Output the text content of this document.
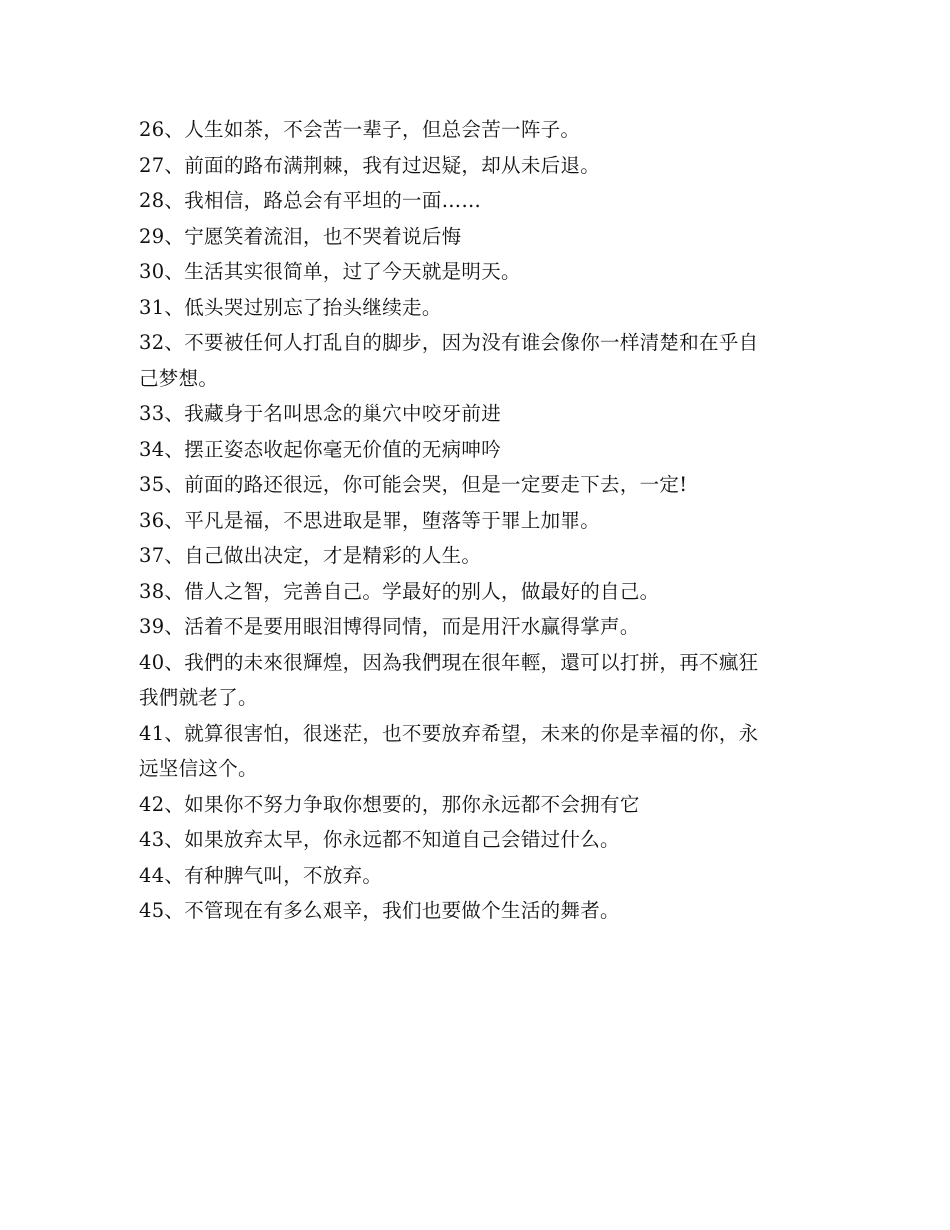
26、人生如茶，不会苦一辈子，但总会苦一阵子。
27、前面的路布满荆棘，我有过迟疑，却从未后退。
28、我相信，路总会有平坦的一面……
29、宁愿笑着流泪，也不哭着说后悔
30、生活其实很简单，过了今天就是明天。
31、低头哭过别忘了抬头继续走。
32、不要被任何人打乱自的脚步，因为没有谁会像你一样清楚和在乎自
己梦想。
33、我藏身于名叫思念的巢穴中咬牙前进
34、摆正姿态收起你毫无价值的无病呻吟
35、前面的路还很远，你可能会哭，但是一定要走下去，一定!
36、平凡是福，不思进取是罪，堕落等于罪上加罪。
37、自己做出决定，才是精彩的人生。
38、借人之智，完善自己。学最好的别人，做最好的自己。
39、活着不是要用眼泪博得同情，而是用汗水赢得掌声。
40、我們的未來很輝煌，因為我們現在很年輕，還可以打拼，再不瘋狂
我們就老了。
41、就算很害怕，很迷茫，也不要放弃希望，未来的你是幸福的你，永
远坚信这个。
42、如果你不努力争取你想要的，那你永远都不会拥有它
43、如果放弃太早，你永远都不知道自己会错过什么。
44、有种脾气叫，不放弃。
45、不管现在有多么艰辛，我们也要做个生活的舞者。
